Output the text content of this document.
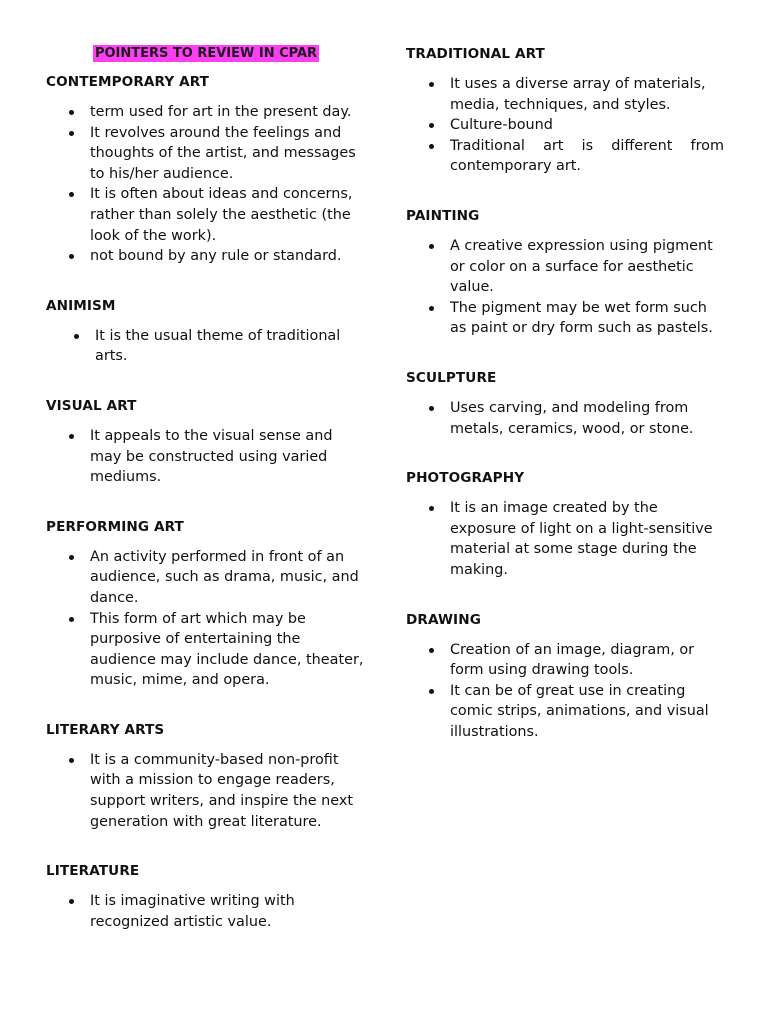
POINTERS TO REVIEW IN CPAR
CONTEMPORARY ART
term used for art in the present day.
It revolves around the feelings and thoughts of the artist, and messages to his/her audience.
It is often about ideas and concerns, rather than solely the aesthetic (the look of the work).
not bound by any rule or standard.
ANIMISM
It is the usual theme of traditional arts.
VISUAL ART
It appeals to the visual sense and may be constructed using varied mediums.
PERFORMING ART
An activity performed in front of an audience, such as drama, music, and dance.
This form of art which may be purposive of entertaining the audience may include dance, theater, music, mime, and opera.
LITERARY ARTS
It is a community-based non-profit with a mission to engage readers, support writers, and inspire the next generation with great literature.
LITERATURE
It is imaginative writing with recognized artistic value.
TRADITIONAL ART
It uses a diverse array of materials, media, techniques, and styles.
Culture-bound
Traditional art is different from contemporary art.
PAINTING
A creative expression using pigment or color on a surface for aesthetic value.
The pigment may be wet form such as paint or dry form such as pastels.
SCULPTURE
Uses carving, and modeling from metals, ceramics, wood, or stone.
PHOTOGRAPHY
It is an image created by the exposure of light on a light-sensitive material at some stage during the making.
DRAWING
Creation of an image, diagram, or form using drawing tools.
It can be of great use in creating comic strips, animations, and visual illustrations.
